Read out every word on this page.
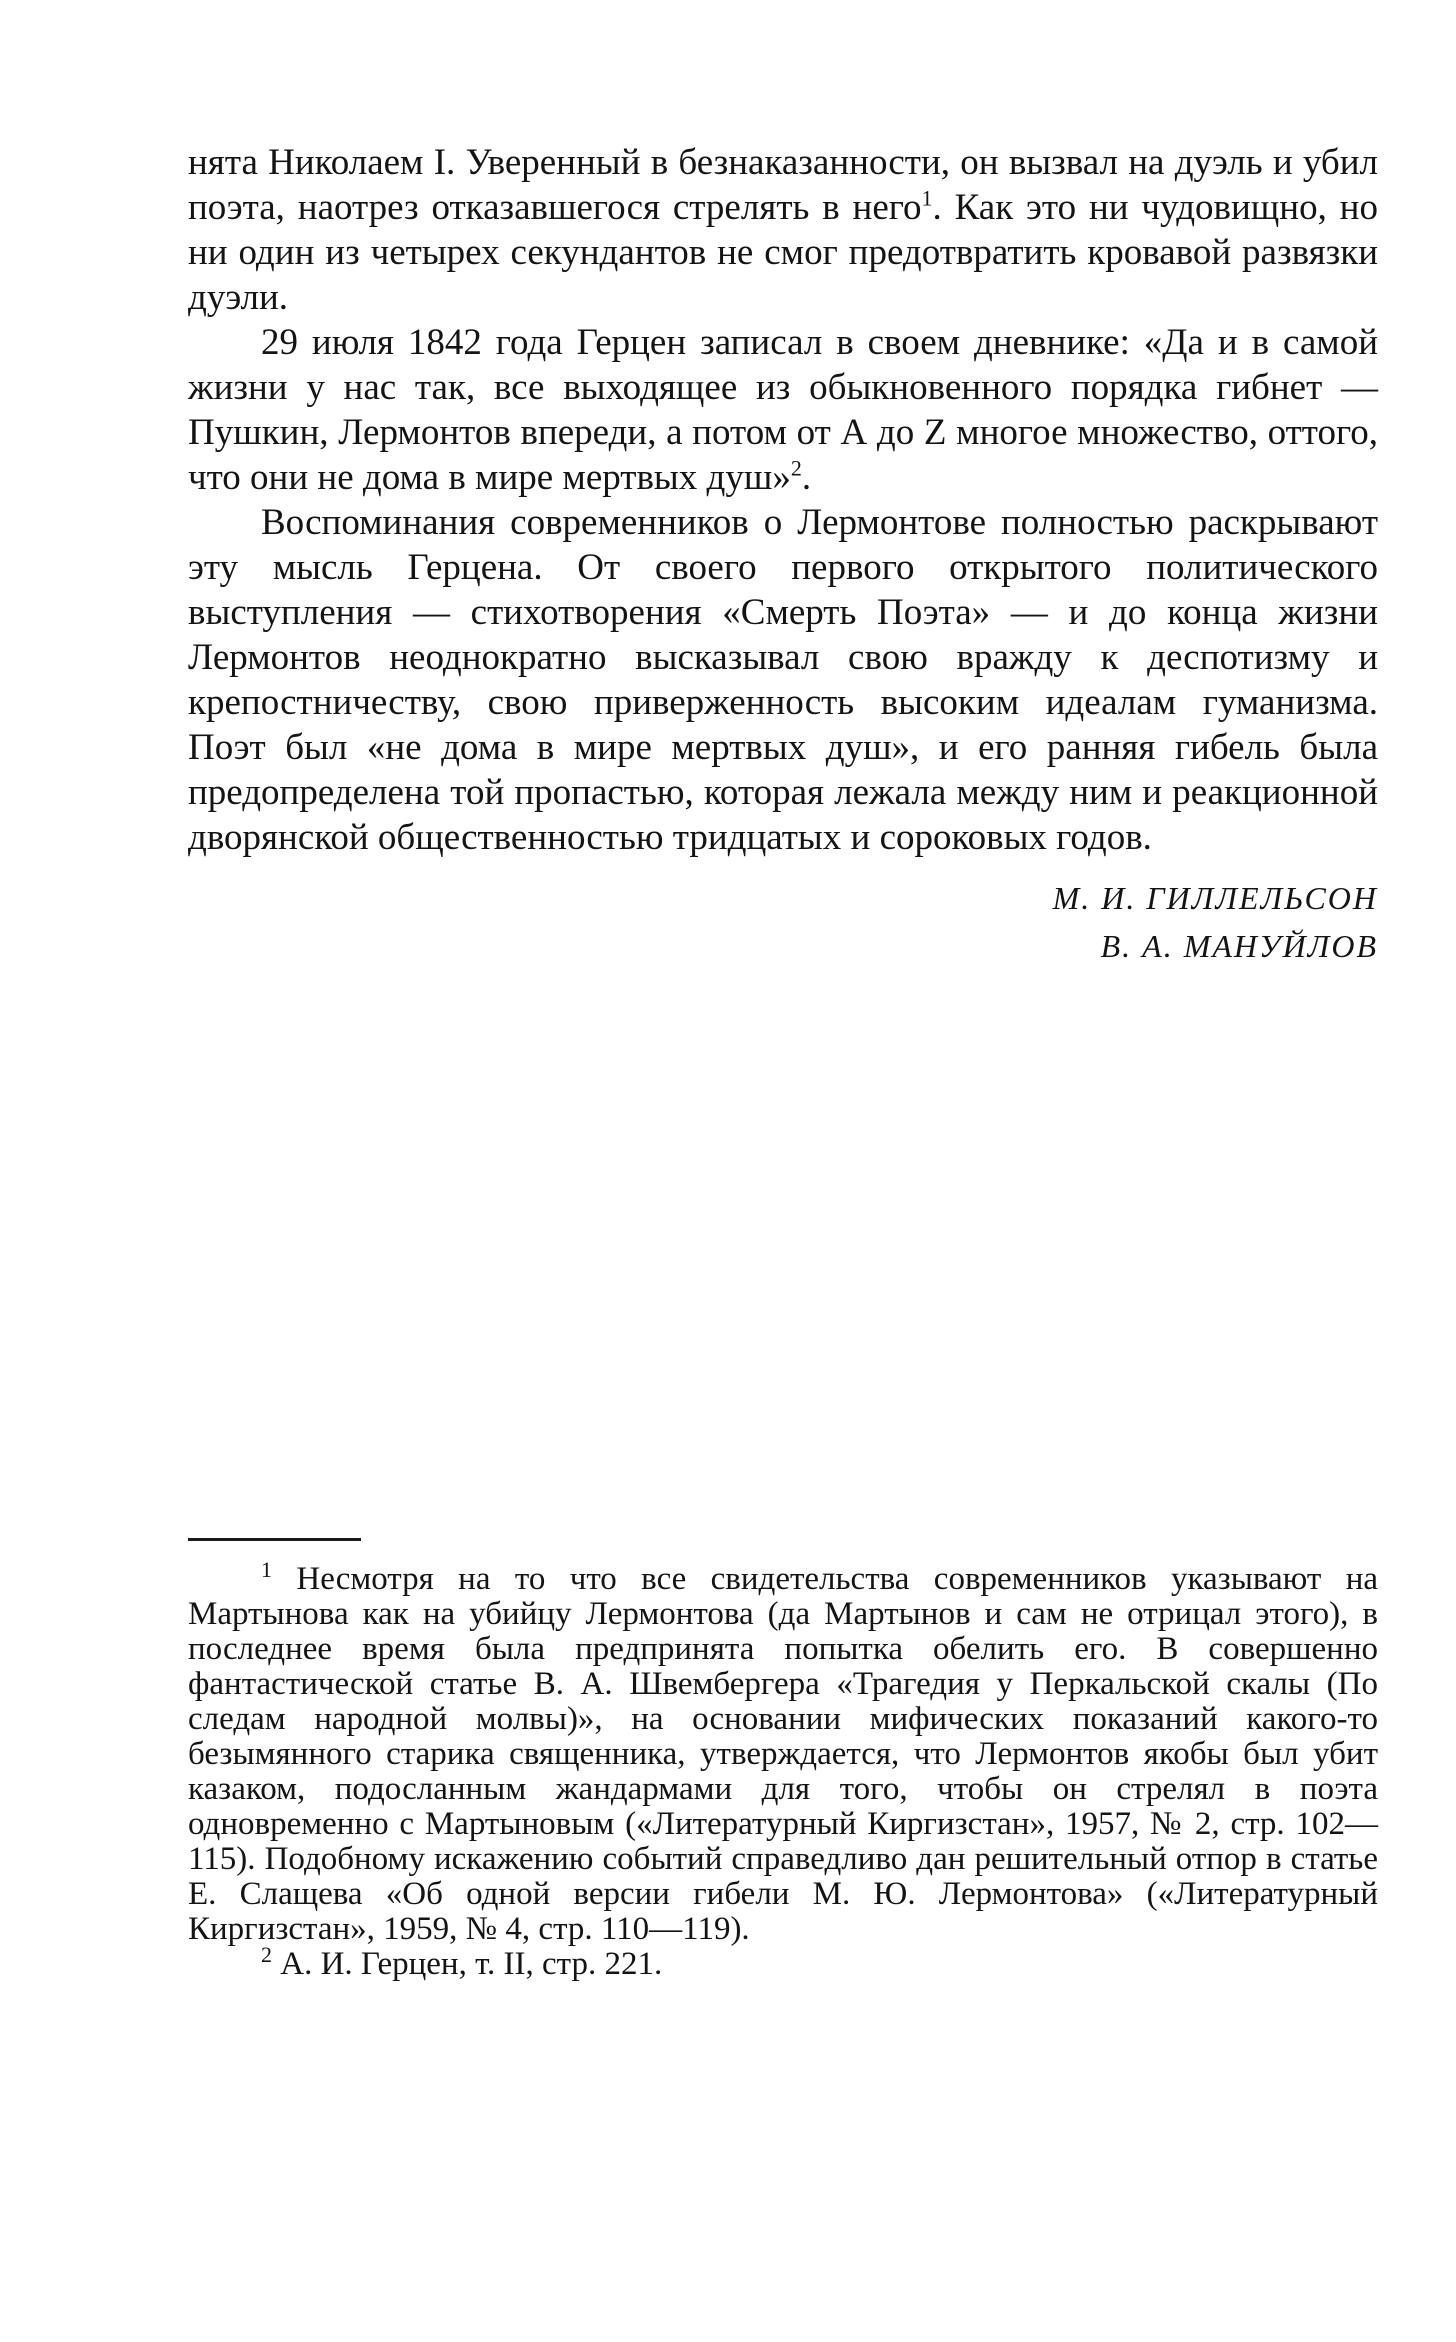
нята Николаем I. Уверенный в безнаказанности, он вызвал на дуэль и убил поэта, наотрез отказавшегося стрелять в него$^1$. Как это ни чудовищно, но ни один из четырех секундантов не смог предотвратить кровавой развязки дуэли.

29 июля 1842 года Герцен записал в своем дневнике: «Да и в самой жизни у нас так, все выходящее из обыкновенного порядка гибнет — Пушкин, Лермонтов впереди, а потом от А до Z многое множество, оттого, что они не дома в мире мертвых душ»$^2$.

Воспоминания современников о Лермонтове полностью раскрывают эту мысль Герцена. От своего первого открытого политического выступления — стихотворения «Смерть Поэта» — и до конца жизни Лермонтов неоднократно высказывал свою вражду к деспотизму и крепостничеству, свою приверженность высоким идеалам гуманизма. Поэт был «не дома в мире мертвых душ», и его ранняя гибель была предопределена той пропастью, которая лежала между ним и реакционной дворянской общественностью тридцатых и сороковых годов.

М. И. ГИЛЛЕЛЬСОН
В. А. МАНУЙЛОВ

$^1$ Несмотря на то что все свидетельства современников указывают на Мартынова как на убийцу Лермонтова (да Мартынов и сам не отрицал этого), в последнее время была предпринята попытка обелить его. В совершенно фантастической статье В. А. Швембергера «Трагедия у Перкальской скалы (По следам народной молвы)», на основании мифических показаний какого-то безымянного старика священника, утверждается, что Лермонтов якобы был убит казаком, подосланным жандармами для того, чтобы он стрелял в поэта одновременно с Мартыновым («Литературный Киргизстан», 1957, № 2, стр. 102—115). Подобному искажению событий справедливо дан решительный отпор в статье Е. Слащева «Об одной версии гибели М. Ю. Лермонтова» («Литературный Киргизстан», 1959, № 4, стр. 110—119).

$^2$ А. И. Герцен, т. II, стр. 221.
